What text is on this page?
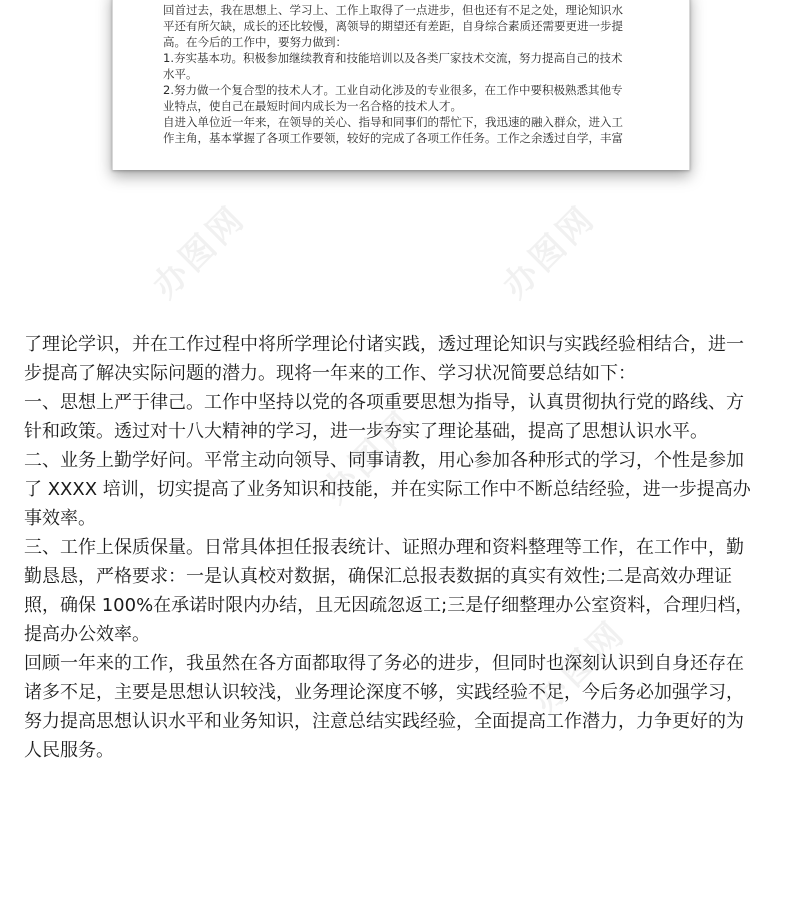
回首过去，我在思想上、学习上、工作上取得了一点进步，但也还有不足之处，理论知识水
平还有所欠缺，成长的还比较慢，离领导的期望还有差距，自身综合素质还需要更进一步提
高。在今后的工作中，要努力做到：
1.夯实基本功。积极参加继续教育和技能培训以及各类厂家技术交流，努力提高自己的技术
水平。
2.努力做一个复合型的技术人才。工业自动化涉及的专业很多，在工作中要积极熟悉其他专
业特点，使自己在最短时间内成长为一名合格的技术人才。
自进入单位近一年来，在领导的关心、指导和同事们的帮忙下，我迅速的融入群众，进入工
作主角，基本掌握了各项工作要领，较好的完成了各项工作任务。工作之余透过自学，丰富
办图网	办图网
办图网
办图网
了理论学识，并在工作过程中将所学理论付诸实践，透过理论知识与实践经验相结合，进一
步提高了解决实际问题的潜力。现将一年来的工作、学习状况简要总结如下：
一、思想上严于律己。工作中坚持以党的各项重要思想为指导，认真贯彻执行党的路线、方
针和政策。透过对十八大精神的学习，进一步夯实了理论基础，提高了思想认识水平。
二、业务上勤学好问。平常主动向领导、同事请教，用心参加各种形式的学习，个性是参加
了 XXXX 培训，切实提高了业务知识和技能，并在实际工作中不断总结经验，进一步提高办
事效率。
三、工作上保质保量。日常具体担任报表统计、证照办理和资料整理等工作，在工作中，勤
勤恳恳，严格要求：一是认真校对数据，确保汇总报表数据的真实有效性;二是高效办理证
照，确保 100%在承诺时限内办结，且无因疏忽返工;三是仔细整理办公室资料，合理归档，
提高办公效率。
回顾一年来的工作，我虽然在各方面都取得了务必的进步，但同时也深刻认识到自身还存在
诸多不足，主要是思想认识较浅，业务理论深度不够，实践经验不足，今后务必加强学习，
努力提高思想认识水平和业务知识，注意总结实践经验，全面提高工作潜力，力争更好的为
人民服务。
